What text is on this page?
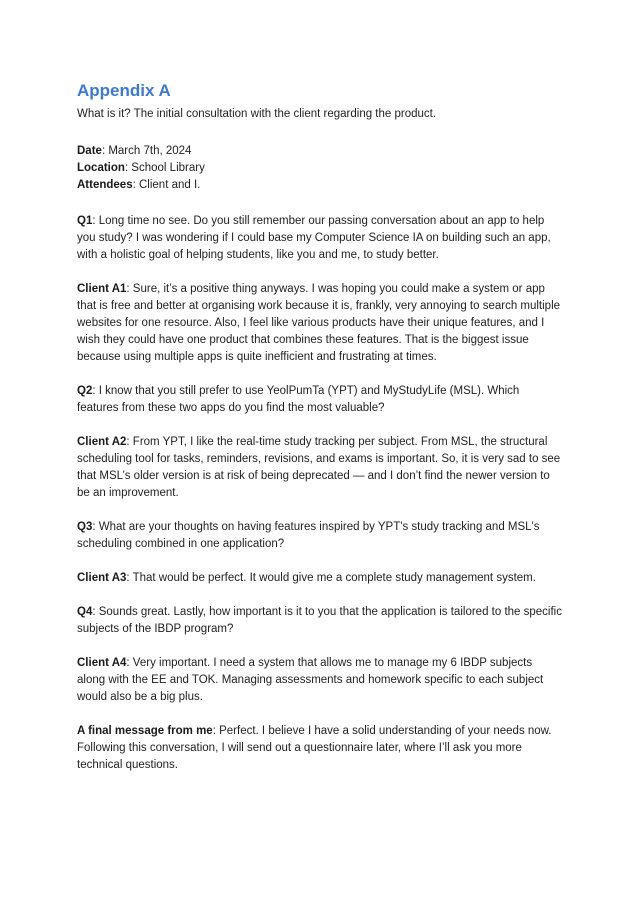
Appendix A

What is it? The initial consultation with the client regarding the product.

Date: March 7th, 2024
Location: School Library
Attendees: Client and I.

Q1: Long time no see. Do you still remember our passing conversation about an app to help you study? I was wondering if I could base my Computer Science IA on building such an app, with a holistic goal of helping students, like you and me, to study better.

Client A1: Sure, it’s a positive thing anyways. I was hoping you could make a system or app that is free and better at organising work because it is, frankly, very annoying to search multiple websites for one resource. Also, I feel like various products have their unique features, and I wish they could have one product that combines these features. That is the biggest issue because using multiple apps is quite inefficient and frustrating at times.

Q2: I know that you still prefer to use YeolPumTa (YPT) and MyStudyLife (MSL). Which features from these two apps do you find the most valuable?

Client A2: From YPT, I like the real-time study tracking per subject. From MSL, the structural scheduling tool for tasks, reminders, revisions, and exams is important. So, it is very sad to see that MSL’s older version is at risk of being deprecated — and I don’t find the newer version to be an improvement.

Q3: What are your thoughts on having features inspired by YPT's study tracking and MSL's scheduling combined in one application?

Client A3: That would be perfect. It would give me a complete study management system.

Q4: Sounds great. Lastly, how important is it to you that the application is tailored to the specific subjects of the IBDP program?

Client A4: Very important. I need a system that allows me to manage my 6 IBDP subjects along with the EE and TOK. Managing assessments and homework specific to each subject would also be a big plus.

A final message from me: Perfect. I believe I have a solid understanding of your needs now. Following this conversation, I will send out a questionnaire later, where I’ll ask you more technical questions.
